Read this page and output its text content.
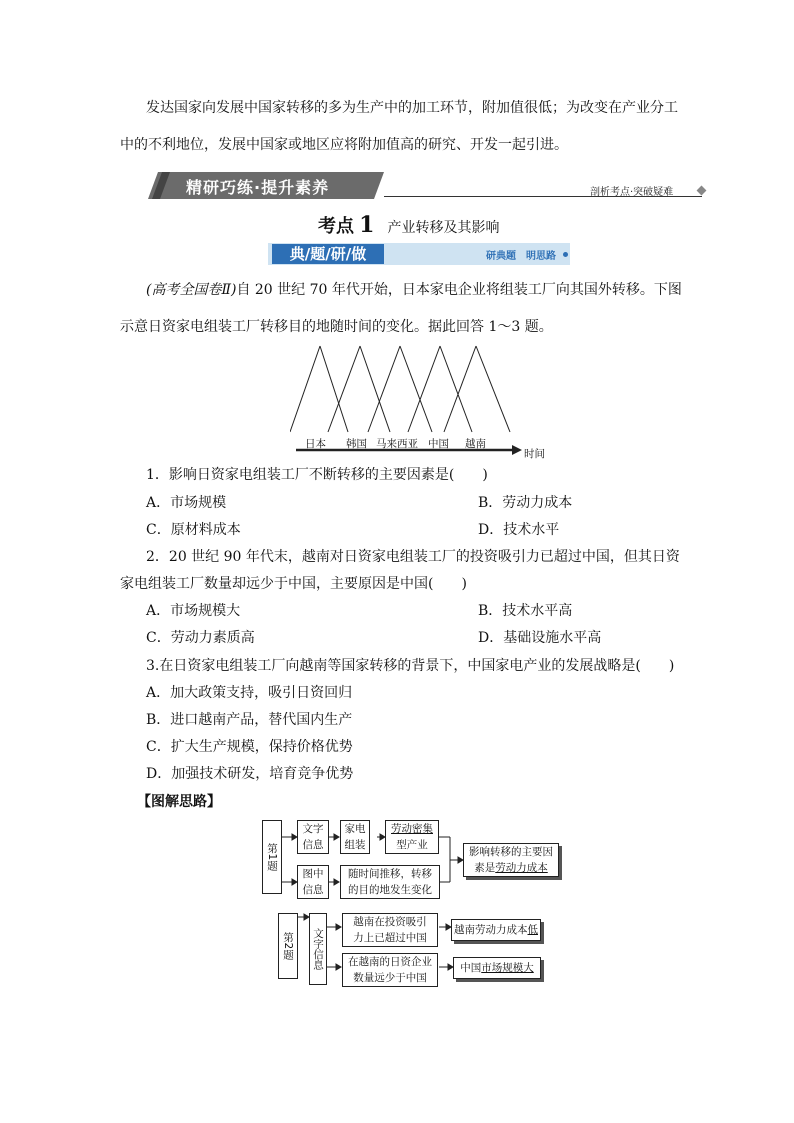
发达国家向发展中国家转移的多为生产中的加工环节，附加值很低；为改变在产业分工
中的不利地位，发展中国家或地区应将附加值高的研究、开发一起引进。
精研巧练·提升素养	剖析考点·突破疑难
考点 1 产业转移及其影响
典/题/研/做	研典题　明思路
(高考全国卷Ⅱ)自 20 世纪 70 年代开始，日本家电企业将组装工厂向其国外转移。下图
示意日资家电组装工厂转移目的地随时间的变化。据此回答 1～3 题。
日本 韩国 马来西亚 中国 越南
时间
1．影响日资家电组装工厂不断转移的主要因素是(　　)
A．市场规模	B．劳动力成本
C．原材料成本	D．技术水平
2．20 世纪 90 年代末，越南对日资家电组装工厂的投资吸引力已超过中国，但其日资
家电组装工厂数量却远少于中国，主要原因是中国(　　)
A．市场规模大	B．技术水平高
C．劳动力素质高	D．基础设施水平高
3.在日资家电组装工厂向越南等国家转移的背景下，中国家电产业的发展战略是(　　)
A．加大政策支持，吸引日资回归
B．进口越南产品，替代国内生产
C．扩大生产规模，保持价格优势
D．加强技术研发，培育竞争优势
【图解思路】
第1题
文字信息
家电组装
劳动密集
型产业
图中信息
随时间推移，转移
的目的地发生变化
影响转移的主要因
素是劳动力成本
第2题 文字信息
越南在投资吸引
力上已超过中国
越南劳动力成本 低
在越南的日资企业
数量远少于中国
中国 市场规模大
